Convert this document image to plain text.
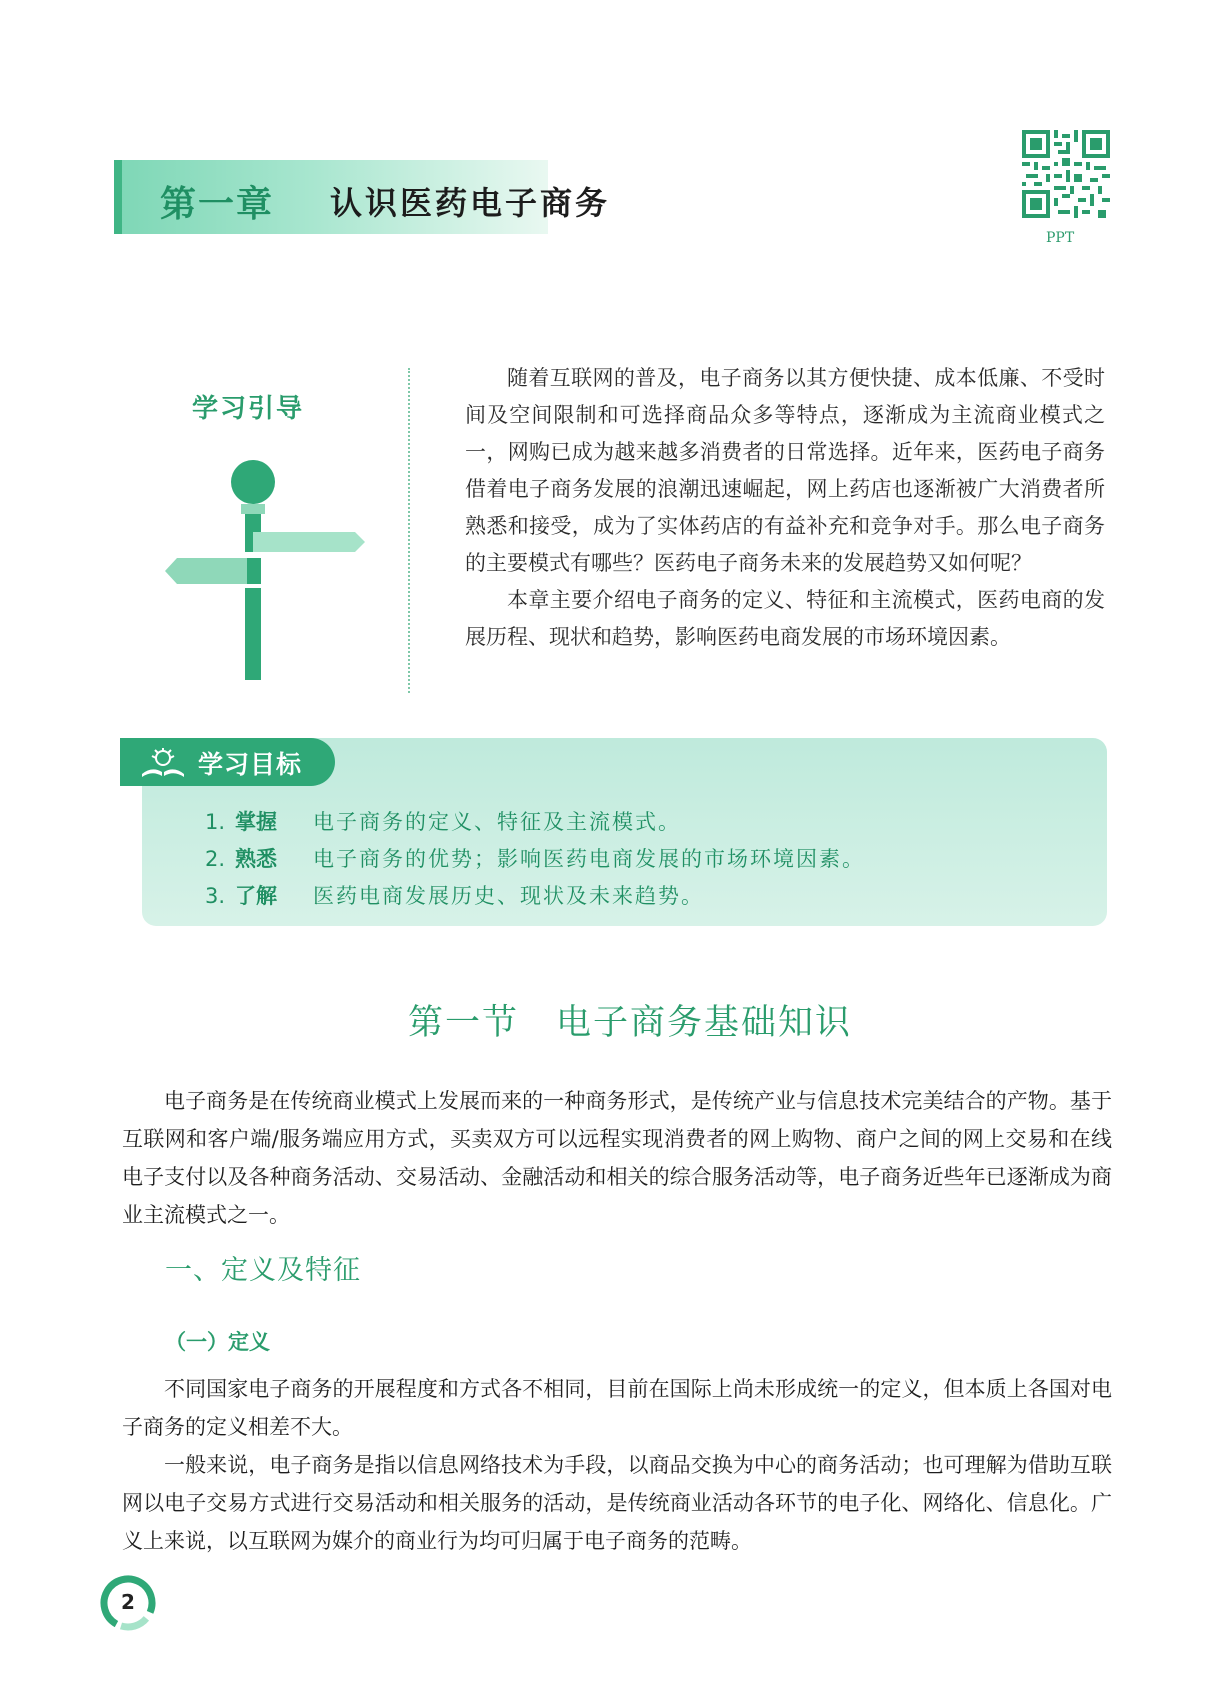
第一章 认识医药电子商务
PPT
学习引导

随着互联网的普及，电子商务以其方便快捷、成本低廉、不受时间及空间限制和可选择商品众多等特点，逐渐成为主流商业模式之一，网购已成为越来越多消费者的日常选择。近年来，医药电子商务借着电子商务发展的浪潮迅速崛起，网上药店也逐渐被广大消费者所熟悉和接受，成为了实体药店的有益补充和竞争对手。那么电子商务的主要模式有哪些？医药电子商务未来的发展趋势又如何呢？

本章主要介绍电子商务的定义、特征和主流模式，医药电商的发展历程、现状和趋势，影响医药电商发展的市场环境因素。

学习目标
1. 掌握 电子商务的定义、特征及主流模式。
2. 熟悉 电子商务的优势；影响医药电商发展的市场环境因素。
3. 了解 医药电商发展历史、现状及未来趋势。
第一节　电子商务基础知识

电子商务是在传统商业模式上发展而来的一种商务形式，是传统产业与信息技术完美结合的产物。基于互联网和客户端/服务端应用方式，买卖双方可以远程实现消费者的网上购物、商户之间的网上交易和在线电子支付以及各种商务活动、交易活动、金融活动和相关的综合服务活动等，电子商务近些年已逐渐成为商业主流模式之一。

一、定义及特征
（一）定义

不同国家电子商务的开展程度和方式各不相同，目前在国际上尚未形成统一的定义，但本质上各国对电子商务的定义相差不大。

一般来说，电子商务是指以信息网络技术为手段，以商品交换为中心的商务活动；也可理解为借助互联网以电子交易方式进行交易活动和相关服务的活动，是传统商业活动各环节的电子化、网络化、信息化。广义上来说，以互联网为媒介的商业行为均可归属于电子商务的范畴。

2
